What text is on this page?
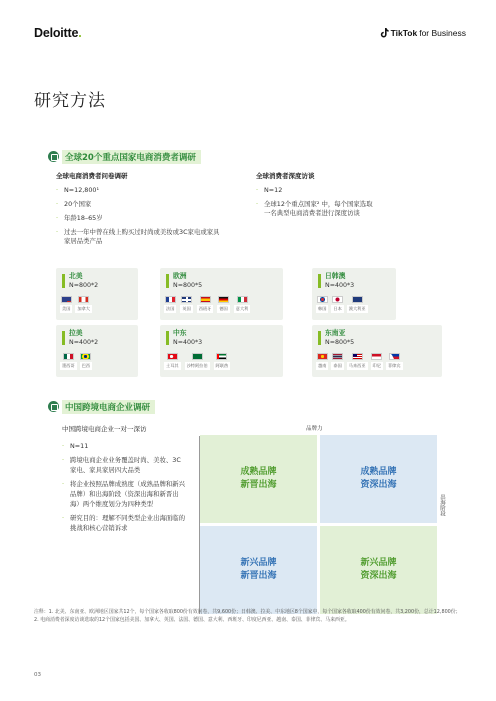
Deloitte.	TikTok for Business
研究方法
全球20个重点国家电商消费者调研
全球电商消费者问卷调研
· N=12,800¹
· 20个国家
· 年龄18–65岁
· 过去一年中曾在线上购买过时尚或美妆或3C家电或家具家居品类产品
全球消费者深度访谈
· N=12
· 全球12个重点国家² 中，每个国家选取一名典型电商消费者进行深度访谈
北美
N=800*2
美国	加拿大
欧洲
N=800*5
法国	英国	西班牙	德国	意大利
日韩澳
N=400*3
韩国	日本	澳大利亚
拉美
N=400*2
墨西哥	巴西
中东
N=400*3
土耳其	沙特阿拉伯	阿联酋
东南亚
N=800*5
越南	泰国	马来西亚	印尼	菲律宾
中国跨境电商企业调研
中国跨境电商企业一对一深访
· N=11
· 跨境电商企业业务覆盖时尚、美妆、3C家电、家具家居四大品类
· 将企业按照品牌成熟度（成熟品牌和新兴品牌）和出海阶段（资深出海和新晋出海）两个维度划分为四种类型
· 研究目的：理解不同类型企业出海面临的挑战和核心营销诉求
品牌力
出海阶段
成熟品牌
新晋出海
成熟品牌
资深出海
新兴品牌
新晋出海
新兴品牌
资深出海
注释：1. 北美、东南亚、欧洲地区国家共12个，每个国家各收取800份有效问卷，共9,600份；日韩澳、拉美、中东地区8个国家中，每个国家各收取400份有效问卷，共3,200份，总计12,800份；2. 电商消费者深度访谈选取的12个国家包括美国、加拿大、英国、法国、德国、意大利、西班牙、印度尼西亚、越南、泰国、菲律宾、马来西亚。
03
